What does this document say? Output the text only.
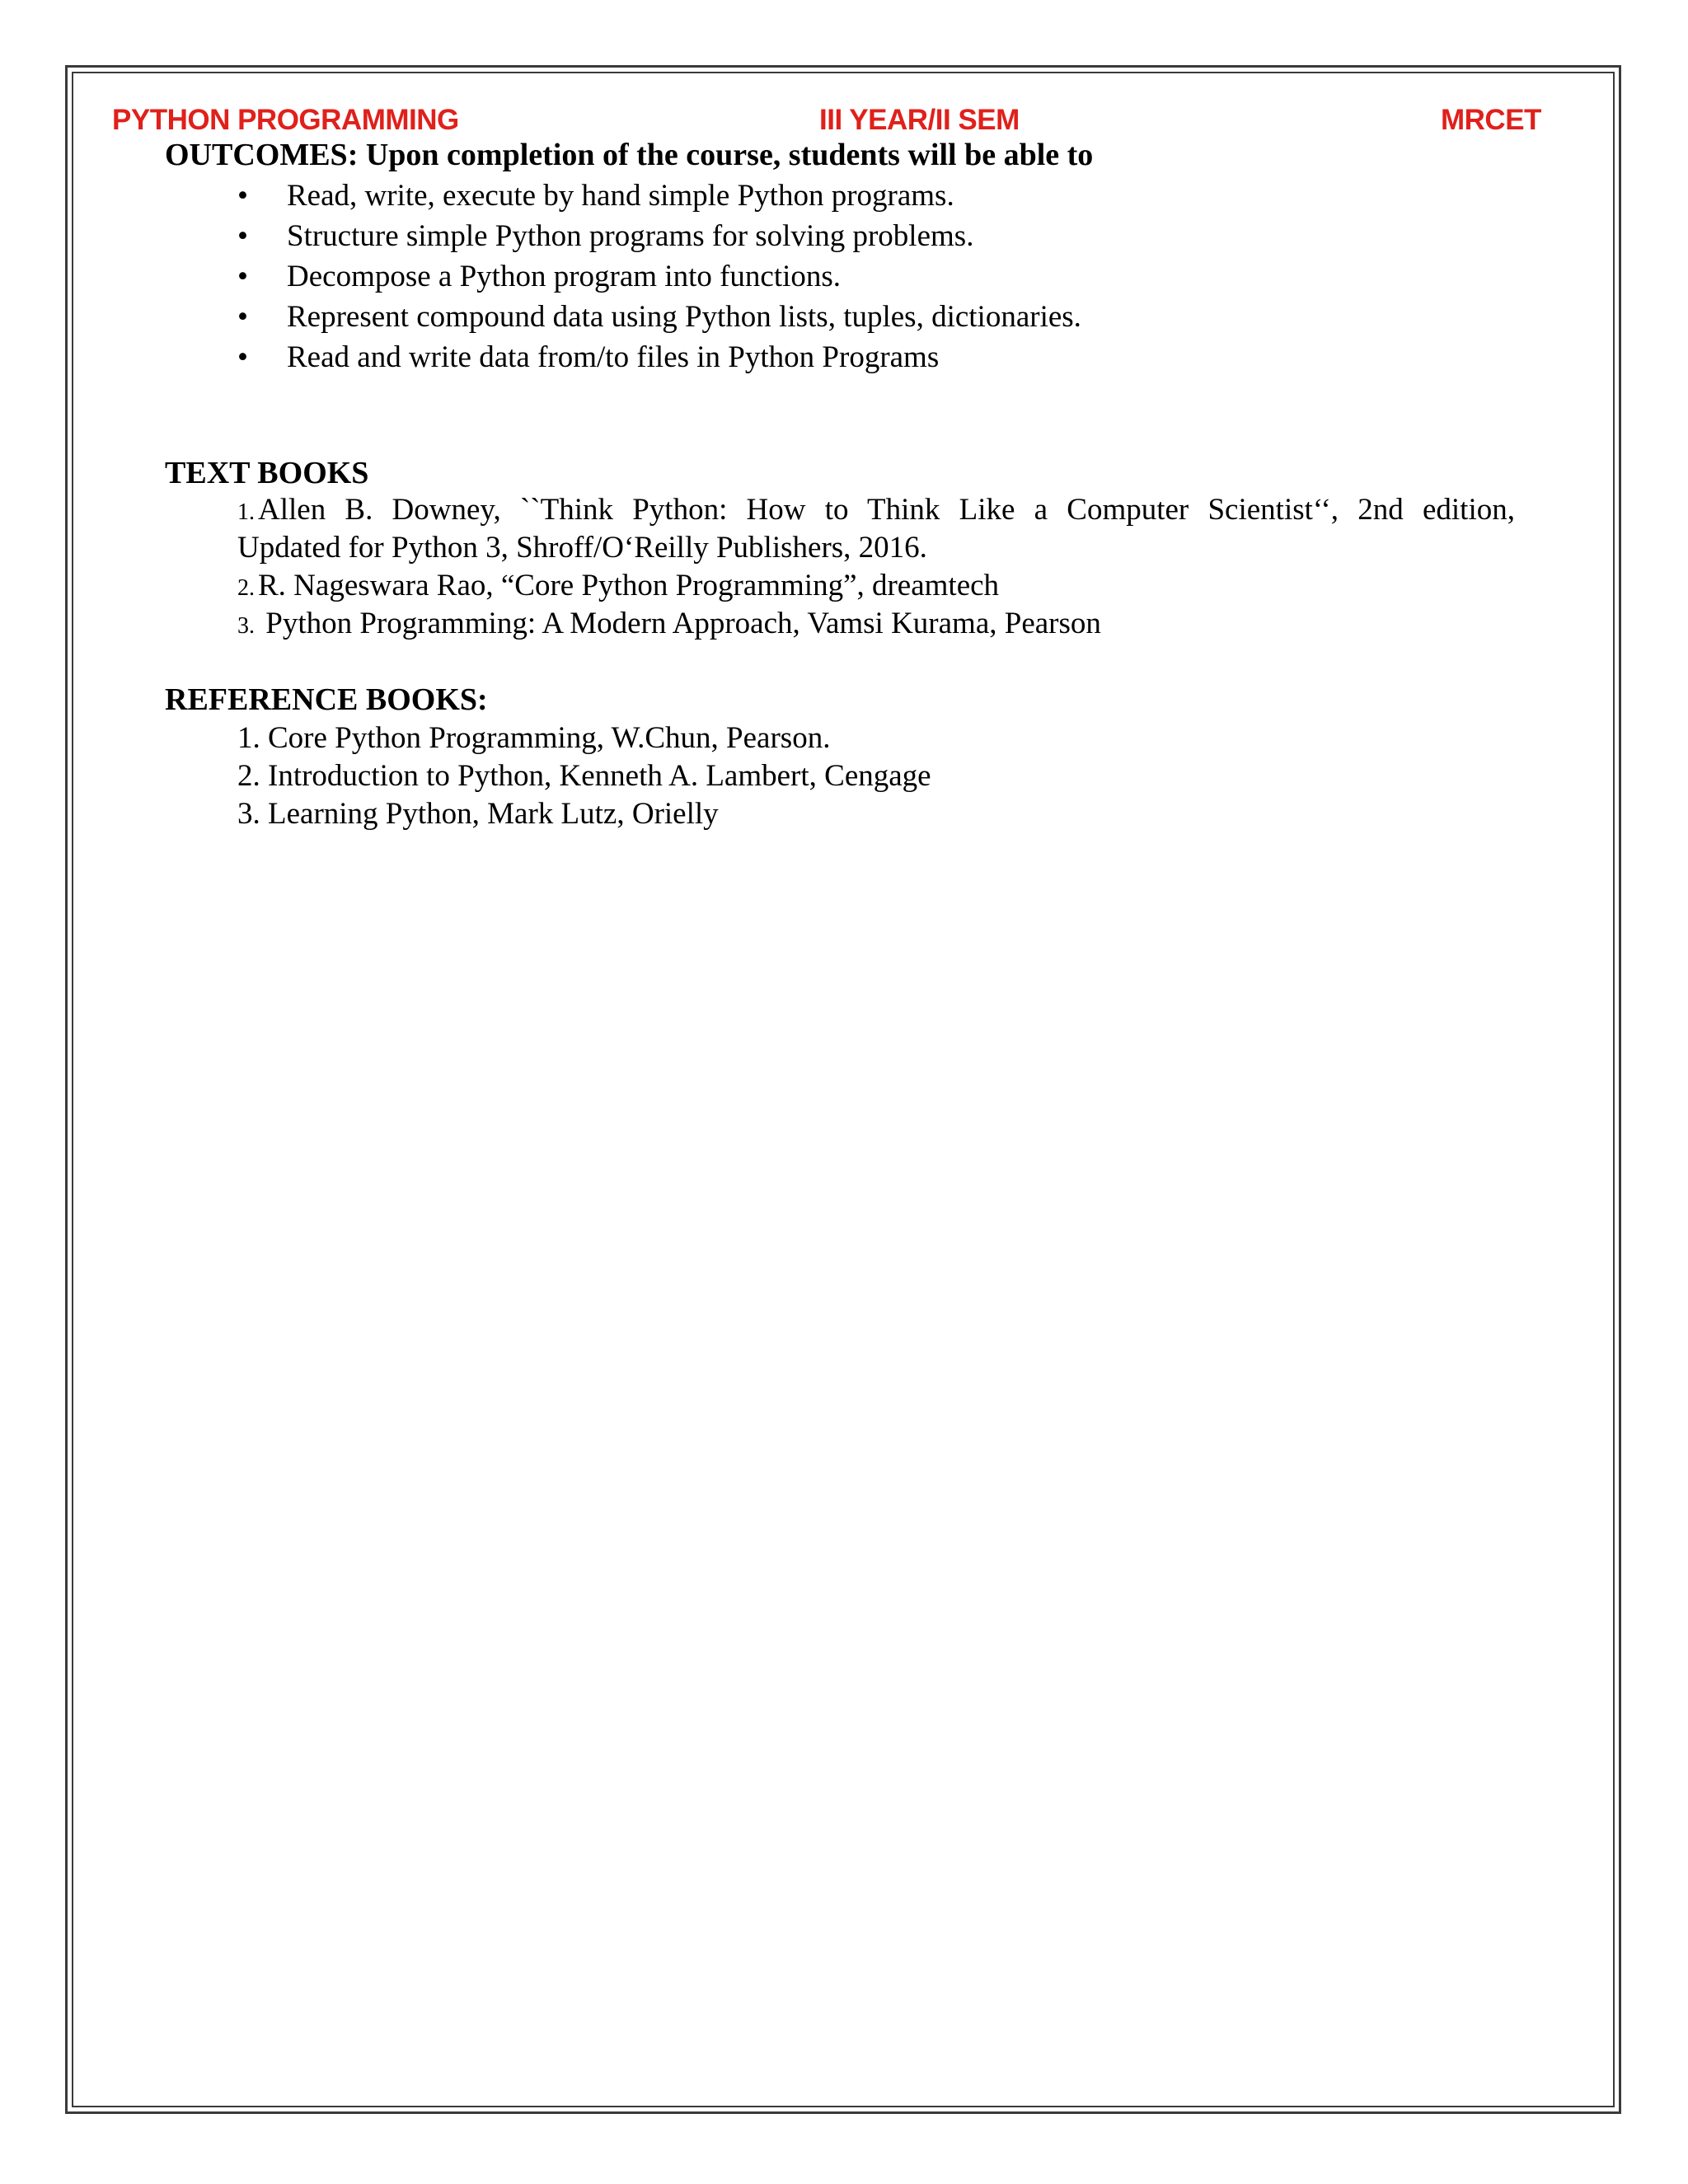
PYTHON PROGRAMMING	III YEAR/II SEM	MRCET
OUTCOMES: Upon completion of the course, students will be able to
•	Read, write, execute by hand simple Python programs.
•	Structure simple Python programs for solving problems.
•	Decompose a Python program into functions.
•	Represent compound data using Python lists, tuples, dictionaries.
•	Read and write data from/to files in Python Programs
TEXT BOOKS
1. Allen B. Downey, ``Think Python: How to Think Like a Computer Scientist‘‘, 2nd edition,
Updated for Python 3, Shroff/O‘Reilly Publishers, 2016.
2. R. Nageswara Rao, “Core Python Programming”, dreamtech
3. Python Programming: A Modern Approach, Vamsi Kurama, Pearson
REFERENCE BOOKS:
1. Core Python Programming, W.Chun, Pearson.
2. Introduction to Python, Kenneth A. Lambert, Cengage
3. Learning Python, Mark Lutz, Orielly
